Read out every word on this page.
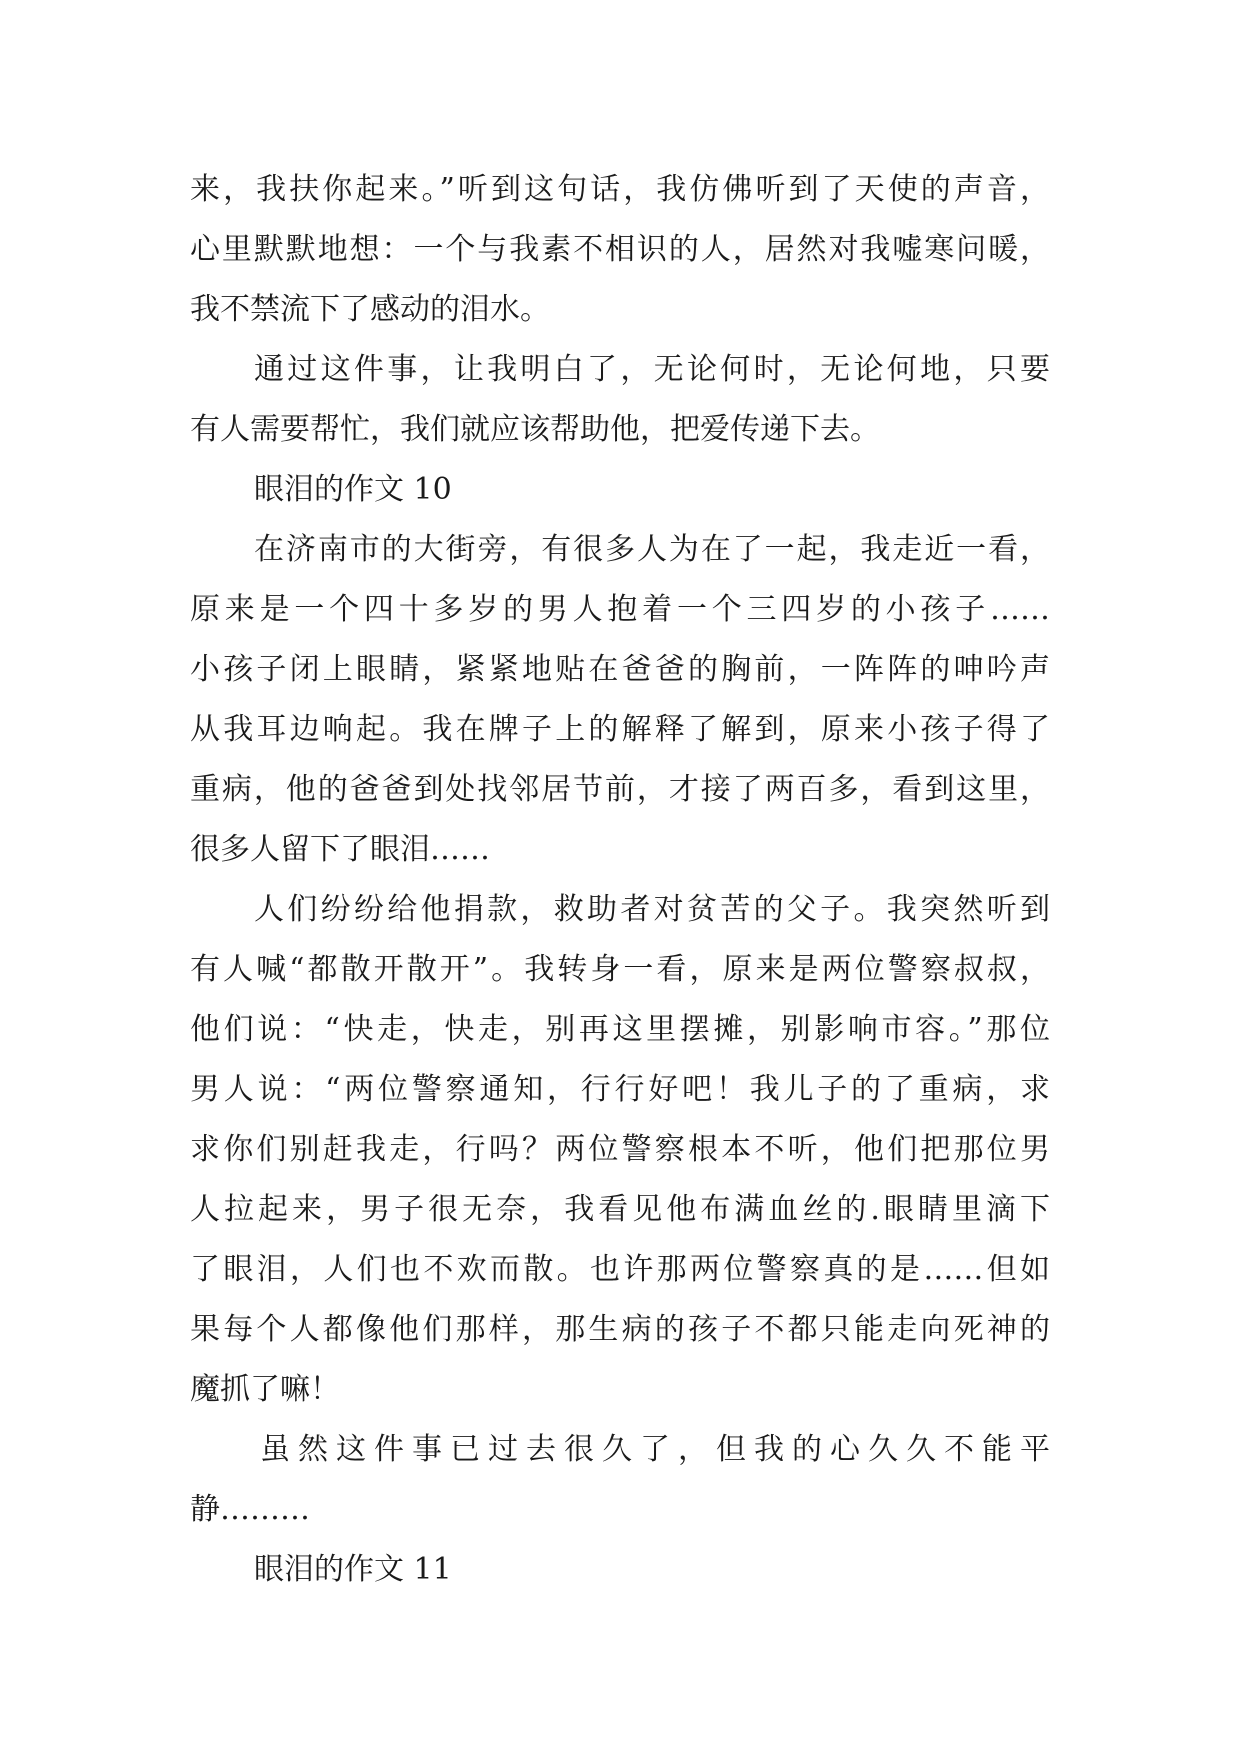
来，我扶你起来。”听到这句话，我仿佛听到了天使的声音，
心里默默地想：一个与我素不相识的人，居然对我嘘寒问暖，
我不禁流下了感动的泪水。
通过这件事，让我明白了，无论何时，无论何地，只要
有人需要帮忙，我们就应该帮助他，把爱传递下去。
眼泪的作文 10
在济南市的大街旁，有很多人为在了一起，我走近一看，
原来是一个四十多岁的男人抱着一个三四岁的小孩子……
小孩子闭上眼睛，紧紧地贴在爸爸的胸前，一阵阵的呻吟声
从我耳边响起。我在牌子上的解释了解到，原来小孩子得了
重病，他的爸爸到处找邻居节前，才接了两百多，看到这里，
很多人留下了眼泪……
人们纷纷给他捐款，救助者对贫苦的父子。我突然听到
有人喊“都散开散开”。我转身一看，原来是两位警察叔叔，
他们说：“快走，快走，别再这里摆摊，别影响市容。”那位
男人说：“两位警察通知，行行好吧！我儿子的了重病，求
求你们别赶我走，行吗？两位警察根本不听，他们把那位男
人拉起来，男子很无奈，我看见他布满血丝的.眼睛里滴下
了眼泪，人们也不欢而散。也许那两位警察真的是……但如
果每个人都像他们那样，那生病的孩子不都只能走向死神的
魔抓了嘛！
虽然这件事已过去很久了，但我的心久久不能平
静………
眼泪的作文 11
